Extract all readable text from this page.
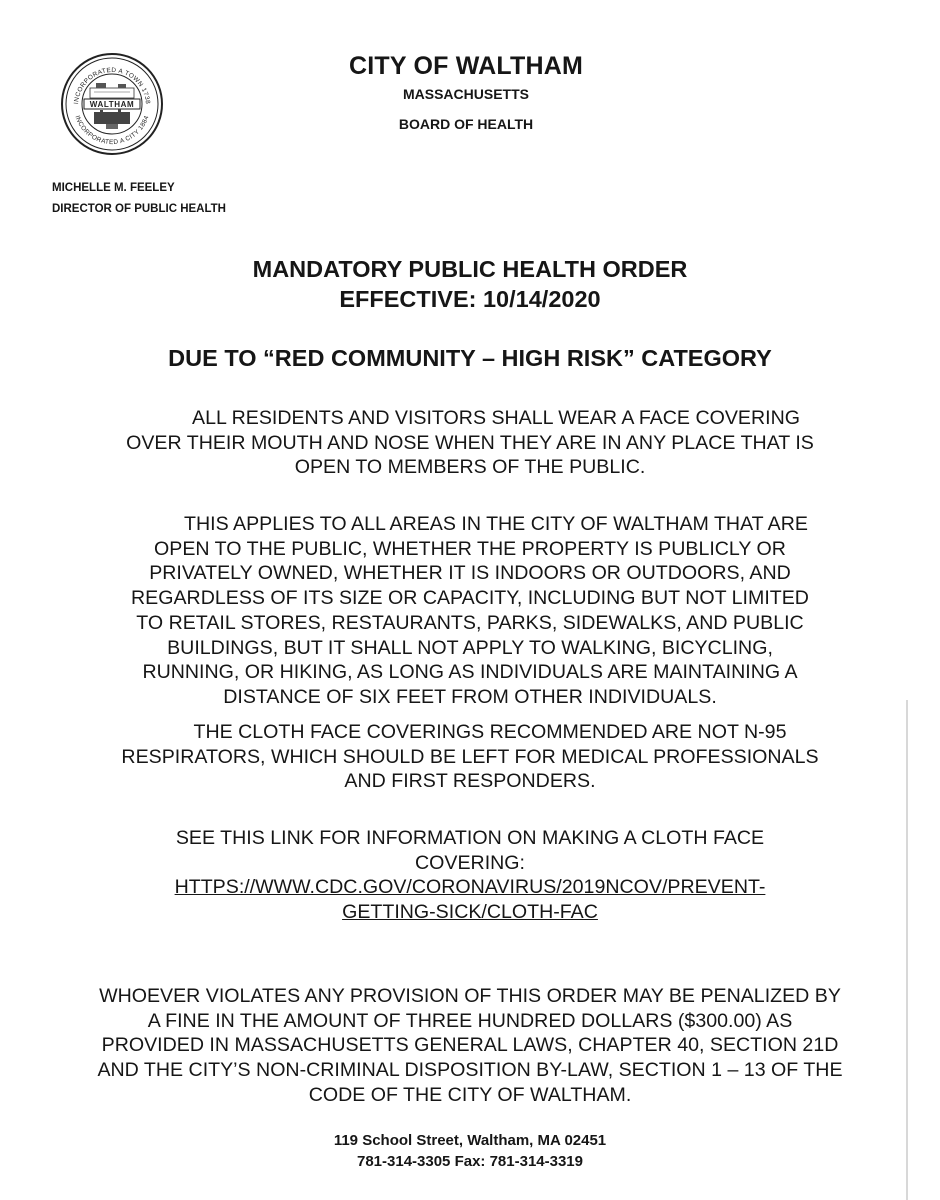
INCORPORATED A TOWN 1738
INCORPORATED A CITY 1884
WALTHAM
CITY OF WALTHAM
MASSACHUSETTS
BOARD OF HEALTH
MICHELLE M. FEELEY
DIRECTOR OF PUBLIC HEALTH
MANDATORY PUBLIC HEALTH ORDER
EFFECTIVE: 10/14/2020
DUE TO “RED COMMUNITY – HIGH RISK” CATEGORY
ALL RESIDENTS AND VISITORS SHALL WEAR A FACE COVERING
OVER THEIR MOUTH AND NOSE WHEN THEY ARE IN ANY PLACE THAT IS
OPEN TO MEMBERS OF THE PUBLIC.
THIS APPLIES TO ALL AREAS IN THE CITY OF WALTHAM THAT ARE
OPEN TO THE PUBLIC, WHETHER THE PROPERTY IS PUBLICLY OR
PRIVATELY OWNED, WHETHER IT IS INDOORS OR OUTDOORS, AND
REGARDLESS OF ITS SIZE OR CAPACITY, INCLUDING BUT NOT LIMITED
TO RETAIL STORES, RESTAURANTS, PARKS, SIDEWALKS, AND PUBLIC
BUILDINGS, BUT IT SHALL NOT APPLY TO WALKING, BICYCLING,
RUNNING, OR HIKING, AS LONG AS INDIVIDUALS ARE MAINTAINING A
DISTANCE OF SIX FEET FROM OTHER INDIVIDUALS.
THE CLOTH FACE COVERINGS RECOMMENDED ARE NOT N-95
RESPIRATORS, WHICH SHOULD BE LEFT FOR MEDICAL PROFESSIONALS
AND FIRST RESPONDERS.
SEE THIS LINK FOR INFORMATION ON MAKING A CLOTH FACE
COVERING:
HTTPS://WWW.CDC.GOV/CORONAVIRUS/2019NCOV/PREVENT-
GETTING-SICK/CLOTH-FAC
WHOEVER VIOLATES ANY PROVISION OF THIS ORDER MAY BE PENALIZED BY
A FINE IN THE AMOUNT OF THREE HUNDRED DOLLARS ($300.00) AS
PROVIDED IN MASSACHUSETTS GENERAL LAWS, CHAPTER 40, SECTION 21D
AND THE CITY’S NON-CRIMINAL DISPOSITION BY-LAW, SECTION 1 – 13 OF THE
CODE OF THE CITY OF WALTHAM.
119 School Street, Waltham, MA 02451
781-314-3305 Fax: 781-314-3319
